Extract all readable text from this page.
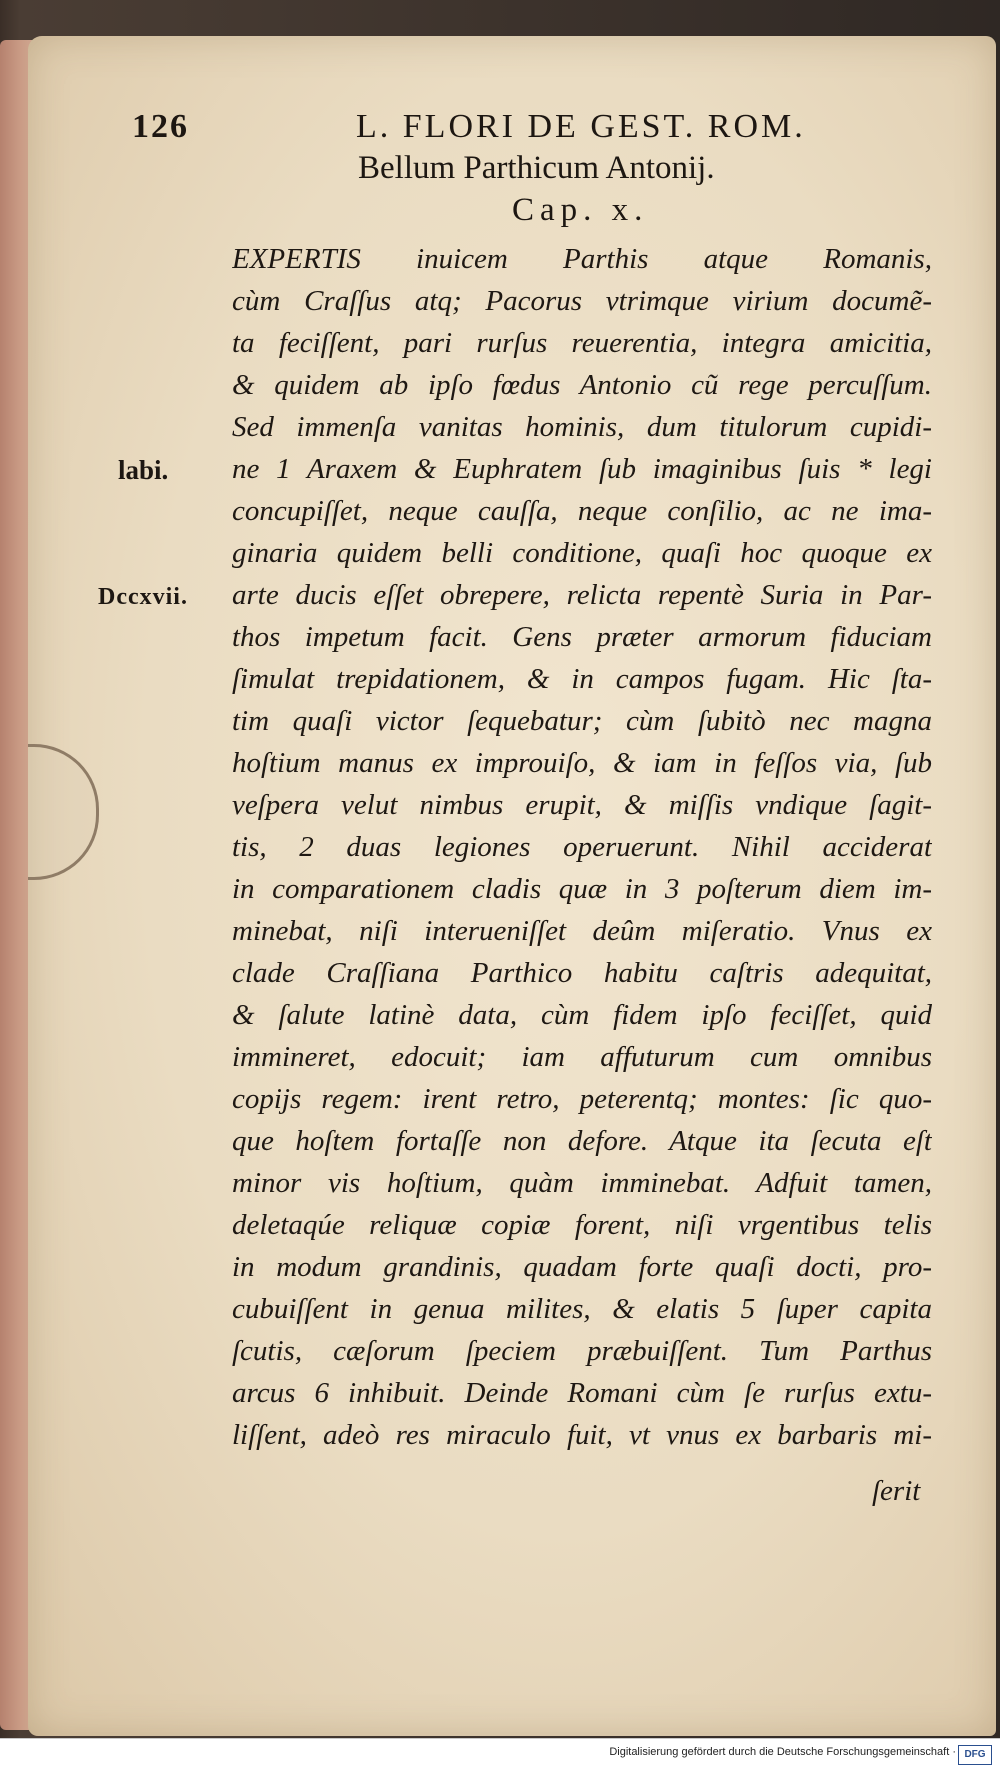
126	L. FLORI DE GEST. ROM.
Bellum Parthicum Antonij.
Cap. x.
labi.
Dccxvii.
EXPERTIS inuicem Parthis atque Romanis,
cùm Craſſus atq; Pacorus vtrimque virium documẽ-
ta feciſſent, pari rurſus reuerentia, integra amicitia,
& quidem ab ipſo fœdus Antonio cũ rege percuſſum.
Sed immenſa vanitas hominis, dum titulorum cupidi-
ne 1 Araxem & Euphratem ſub imaginibus ſuis * legi
concupiſſet, neque cauſſa, neque conſilio, ac ne ima-
ginaria quidem belli conditione, quaſi hoc quoque ex
arte ducis eſſet obrepere, relicta repentè Suria in Par-
thos impetum facit. Gens præter armorum fiduciam
ſimulat trepidationem, & in campos fugam. Hic ſta-
tim quaſi victor ſequebatur; cùm ſubitò nec magna
hoſtium manus ex improuiſo, & iam in feſſos via, ſub
veſpera velut nimbus erupit, & miſſis vndique ſagit-
tis, 2 duas legiones operuerunt. Nihil acciderat
in comparationem cladis quæ in 3 poſterum diem im-
minebat, niſi interueniſſet deûm miſeratio. Vnus ex
clade Craſſiana Parthico habitu caſtris adequitat,
& ſalute latinè data, cùm fidem ipſo feciſſet, quid
immineret, edocuit; iam affuturum cum omnibus
copijs regem: irent retro, peterentq; montes: ſic quo-
que hoſtem fortaſſe non defore. Atque ita ſecuta eſt
minor vis hoſtium, quàm imminebat. Adfuit tamen,
deletaqúe reliquæ copiæ forent, niſi vrgentibus telis
in modum grandinis, quadam forte quaſi docti, pro-
cubuiſſent in genua milites, & elatis 5 ſuper capita
ſcutis, cæſorum ſpeciem præbuiſſent. Tum Parthus
arcus 6 inhibuit. Deinde Romani cùm ſe rurſus extu-
liſſent, adeò res miraculo fuit, vt vnus ex barbaris mi-
ſerit
Digitalisierung gefördert durch die Deutsche Forschungsgemeinschaft · DFG
